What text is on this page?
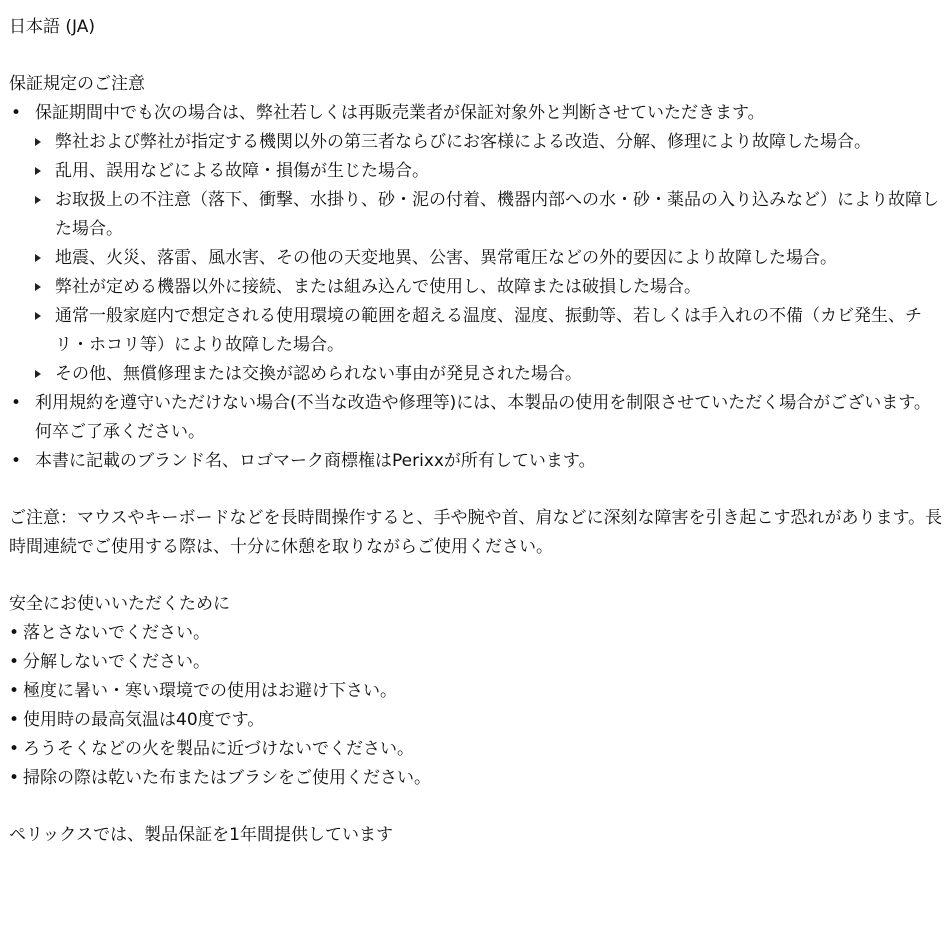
日本語 (JA)
保証規定のご注意
• 保証期間中でも次の場合は、弊社若しくは再販売業者が保証対象外と判断させていただきます。
弊社および弊社が指定する機関以外の第三者ならびにお客様による改造、分解、修理により故障した場合。
乱用、誤用などによる故障・損傷が生じた場合。
お取扱上の不注意（落下、衝撃、水掛り、砂・泥の付着、機器内部への水・砂・薬品の入り込みなど）により故障した場合。
地震、火災、落雷、風水害、その他の天変地異、公害、異常電圧などの外的要因により故障した場合。
弊社が定める機器以外に接続、または組み込んで使用し、故障または破損した場合。
通常一般家庭内で想定される使用環境の範囲を超える温度、湿度、振動等、若しくは手入れの不備（カビ発生、チリ・ホコリ等）により故障した場合。
その他、無償修理または交換が認められない事由が発見された場合。
• 利用規約を遵守いただけない場合(不当な改造や修理等)には、本製品の使用を制限させていただく場合がございます。何卒ご了承ください。
• 本書に記載のブランド名、ロゴマーク商標権はPerixxが所有しています。
ご注意：マウスやキーボードなどを長時間操作すると、手や腕や首、肩などに深刻な障害を引き起こす恐れがあります。長時間連続でご使用する際は、十分に休憩を取りながらご使用ください。
安全にお使いいただくために
• 落とさないでください。
• 分解しないでください。
• 極度に暑い・寒い環境での使用はお避け下さい。
• 使用時の最高気温は40度です。
• ろうそくなどの火を製品に近づけないでください。
• 掃除の際は乾いた布またはブラシをご使用ください。
ペリックスでは、製品保証を1年間提供しています
